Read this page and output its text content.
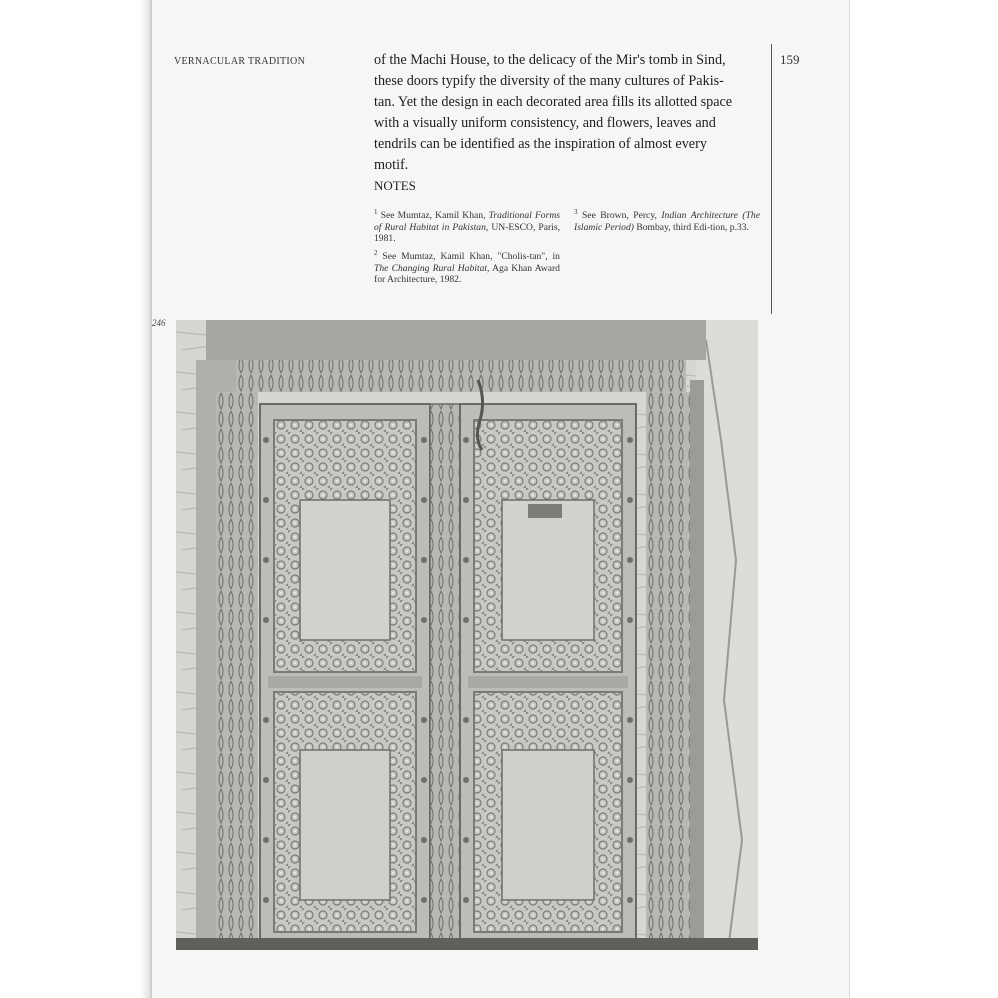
VERNACULAR TRADITION	159

of the Machi House, to the delicacy of the Mir's tomb in Sind,

these doors typify the diversity of the many cultures of Pakis-

tan. Yet the design in each decorated area fills its allotted space

with a visually uniform consistency, and flowers, leaves and

tendrils can be identified as the inspiration of almost every

motif.

NOTES

$^1$ See Mumtaz, Kamil Khan, Traditional Forms of Rural Habitat in Pakistan, UN-ESCO, Paris, 1981.

$^2$ See Mumtaz, Kamil Khan, "Cholis-tan", in The Changing Rural Habitat, Aga Khan Award for Architecture, 1982.

$^3$ See Brown, Percy, Indian Architecture (The Islamic Period) Bombay, third Edi-tion, p.33.

246
